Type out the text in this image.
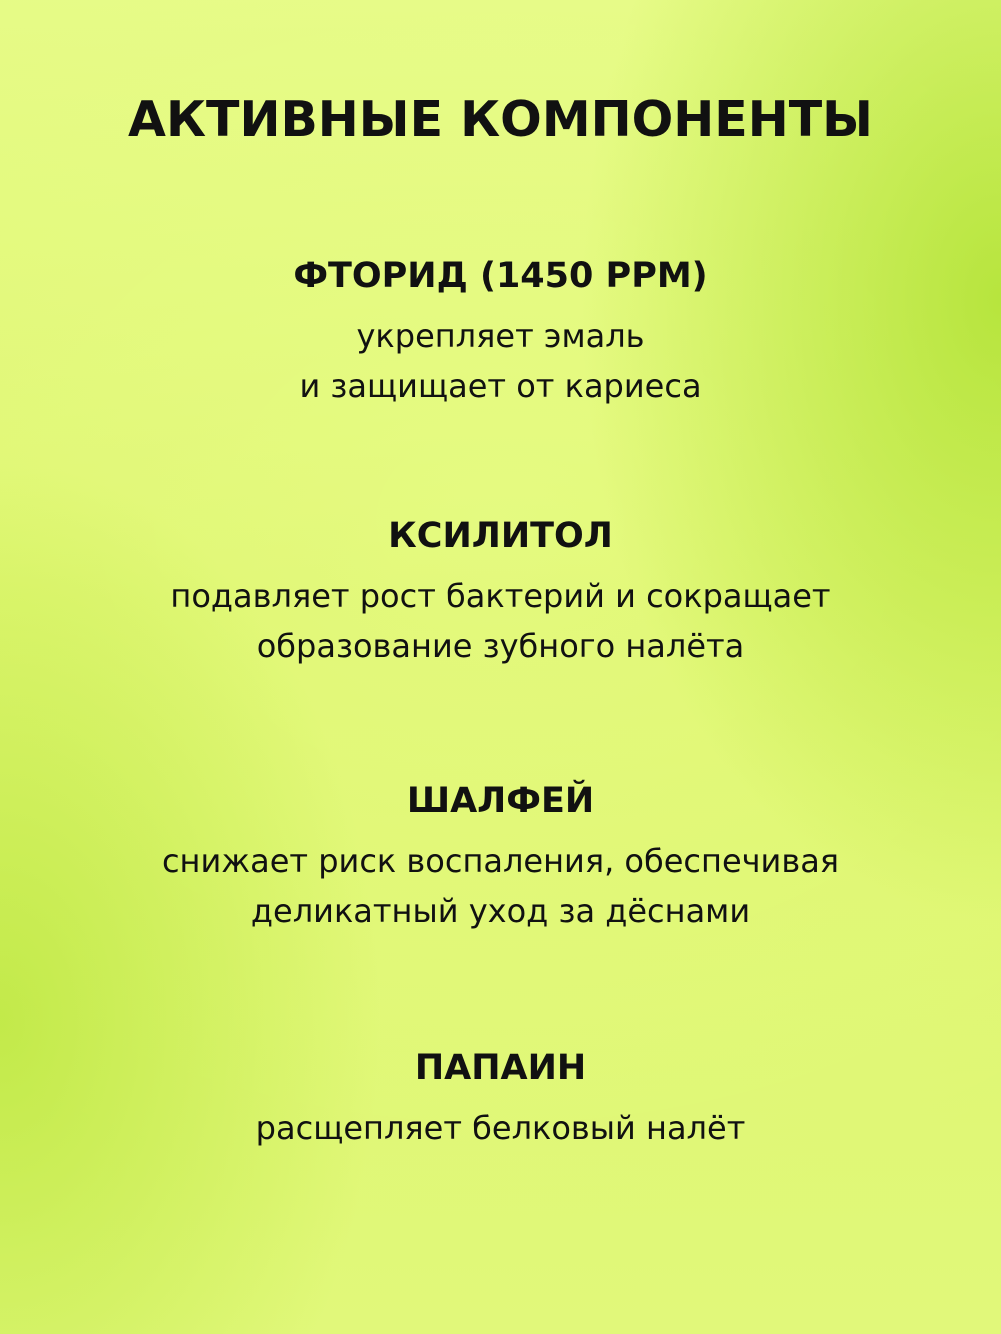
АКТИВНЫЕ КОМПОНЕНТЫ
ФТОРИД (1450 PPM)

укрепляет эмаль
и защищает от кариеса

КСИЛИТОЛ

подавляет рост бактерий и сокращает
образование зубного налёта

ШАЛФЕЙ

снижает риск воспаления, обеспечивая
деликатный уход за дёснами

ПАПАИН

расщепляет белковый налёт
